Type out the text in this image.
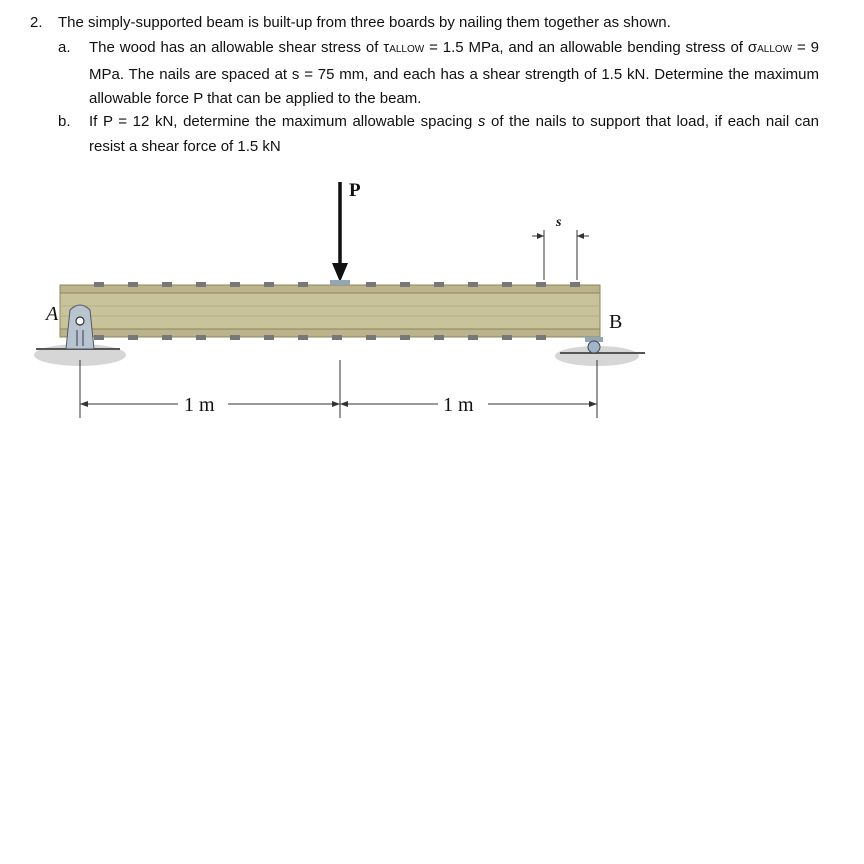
2. The simply-supported beam is built-up from three boards by nailing them together as shown.
a.	The wood has an allowable shear stress of τALLOW = 1.5 MPa, and an allowable bending stress of σALLOW = 9 MPa. The nails are spaced at s = 75 mm, and each has a shear strength of 1.5 kN. Determine the maximum allowable force P that can be applied to the beam.
b.	If P = 12 kN, determine the maximum allowable spacing s of the nails to support that load, if each nail can resist a shear force of 1.5 kN
P
s
A	B
1 m	1 m
